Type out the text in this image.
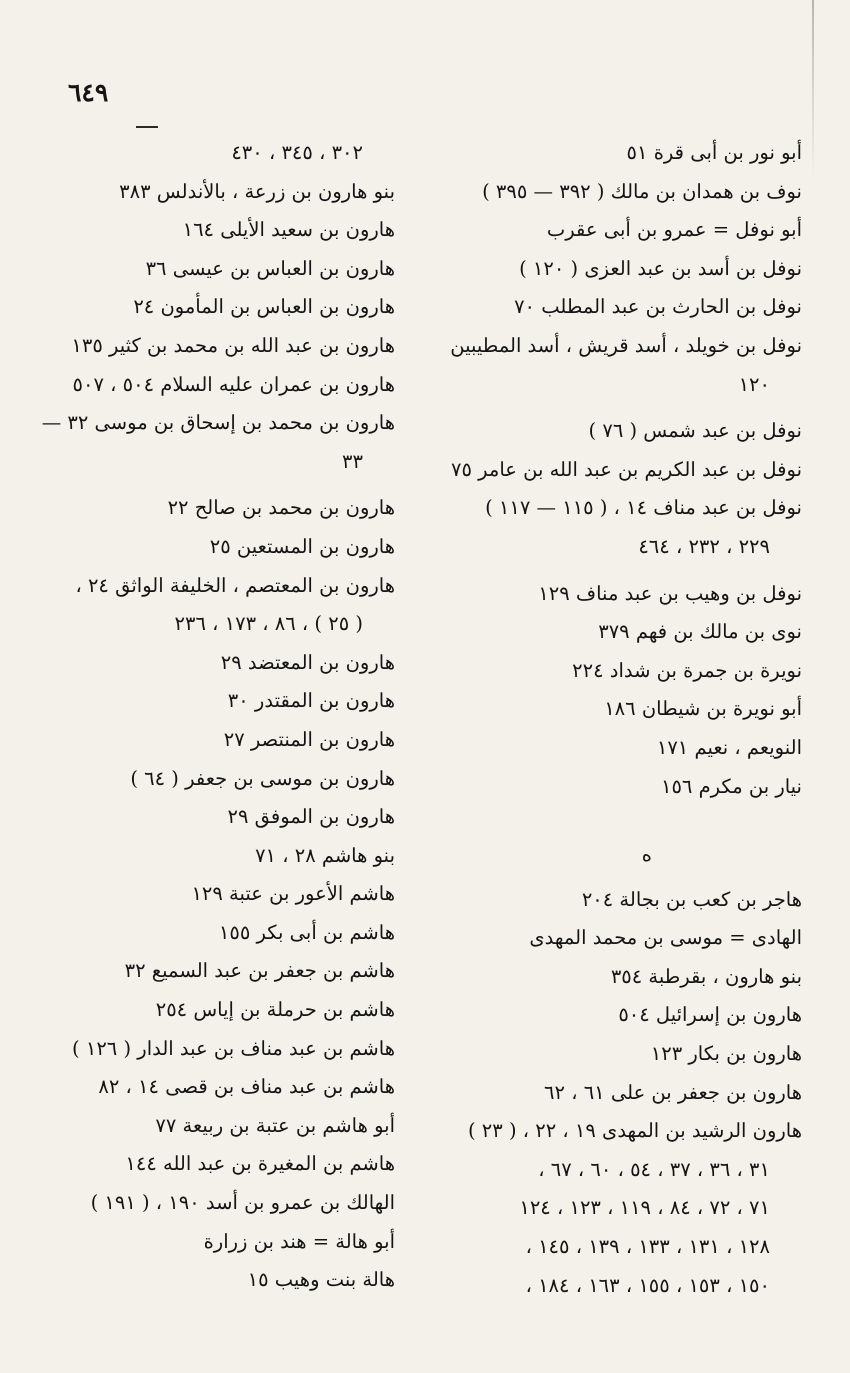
٦٤٩
أبو نور بن أبى قرة ٥١
نوف بن همدان بن مالك ( ٣٩٢ — ٣٩٥ )
أبو نوفل = عمرو بن أبى عقرب
نوفل بن أسد بن عبد العزى ( ١٢٠ )
نوفل بن الحارث بن عبد المطلب ٧٠
نوفل بن خويلد ، أسد قريش ، أسد المطيبين
١٢٠
نوفل بن عبد شمس ( ٧٦ )
نوفل بن عبد الكريم بن عبد الله بن عامر ٧٥
نوفل بن عبد مناف ١٤ ، ( ١١٥ — ١١٧ )
٢٢٩ ، ٢٣٢ ، ٤٦٤
نوفل بن وهيب بن عبد مناف ١٢٩
نوى بن مالك بن فهم ٣٧٩
نويرة بن جمرة بن شداد ٢٢٤
أبو نويرة بن شيطان ١٨٦
النويعم ، نعيم ١٧١
نيار بن مكرم ١٥٦
ه
هاجر بن كعب بن بجالة ٢٠٤
الهادى = موسى بن محمد المهدى
بنو هارون ، بقرطبة ٣٥٤
هارون بن إسرائيل ٥٠٤
هارون بن بكار ١٢٣
هارون بن جعفر بن على ٦١ ، ٦٢
هارون الرشيد بن المهدى ١٩ ، ٢٢ ، ( ٢٣ )
٣١ ، ٣٦ ، ٣٧ ، ٥٤ ، ٦٠ ، ٦٧ ،
٧١ ، ٧٢ ، ٨٤ ، ١١٩ ، ١٢٣ ، ١٢٤
١٢٨ ، ١٣١ ، ١٣٣ ، ١٣٩ ، ١٤٥ ،
١٥٠ ، ١٥٣ ، ١٥٥ ، ١٦٣ ، ١٨٤ ،
٣٠٢ ، ٣٤٥ ، ٤٣٠
بنو هارون بن زرعة ، بالأندلس ٣٨٣
هارون بن سعيد الأيلى ١٦٤
هارون بن العباس بن عيسى ٣٦
هارون بن العباس بن المأمون ٢٤
هارون بن عبد الله بن محمد بن كثير ١٣٥
هارون بن عمران عليه السلام ٥٠٤ ، ٥٠٧
هارون بن محمد بن إسحاق بن موسى ٣٢ —
٣٣
هارون بن محمد بن صالح ٢٢
هارون بن المستعين ٢٥
هارون بن المعتصم ، الخليفة الواثق ٢٤ ،
( ٢٥ ) ، ٨٦ ، ١٧٣ ، ٢٣٦
هارون بن المعتضد ٢٩
هارون بن المقتدر ٣٠
هارون بن المنتصر ٢٧
هارون بن موسى بن جعفر ( ٦٤ )
هارون بن الموفق ٢٩
بنو هاشم ٢٨ ، ٧١
هاشم الأعور بن عتبة ١٢٩
هاشم بن أبى بكر ١٥٥
هاشم بن جعفر بن عبد السميع ٣٢
هاشم بن حرملة بن إياس ٢٥٤
هاشم بن عبد مناف بن عبد الدار ( ١٢٦ )
هاشم بن عبد مناف بن قصى ١٤ ، ٨٢
أبو هاشم بن عتبة بن ربيعة ٧٧
هاشم بن المغيرة بن عبد الله ١٤٤
الهالك بن عمرو بن أسد ١٩٠ ، ( ١٩١ )
أبو هالة = هند بن زرارة
هالة بنت وهيب ١٥
